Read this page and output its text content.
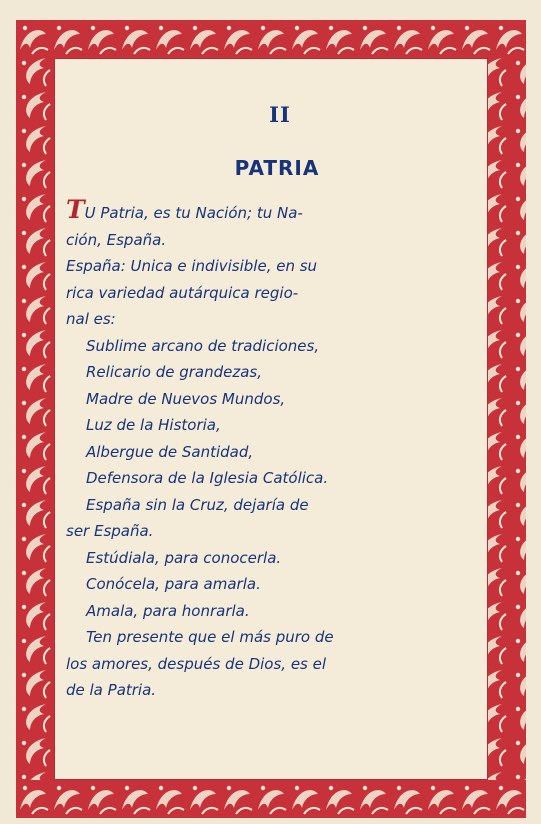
II
PATRIA
TU Patria, es tu Nación; tu Na-
ción, España.
España: Unica e indivisible, en su
rica variedad autárquica regio-
nal es:
Sublime arcano de tradiciones,
Relicario de grandezas,
Madre de Nuevos Mundos,
Luz de la Historia,
Albergue de Santidad,
Defensora de la Iglesia Católica.
España sin la Cruz, dejaría de
ser España.
Estúdiala, para conocerla.
Conócela, para amarla.
Amala, para honrarla.
Ten presente que el más puro de
los amores, después de Dios, es el
de la Patria.
